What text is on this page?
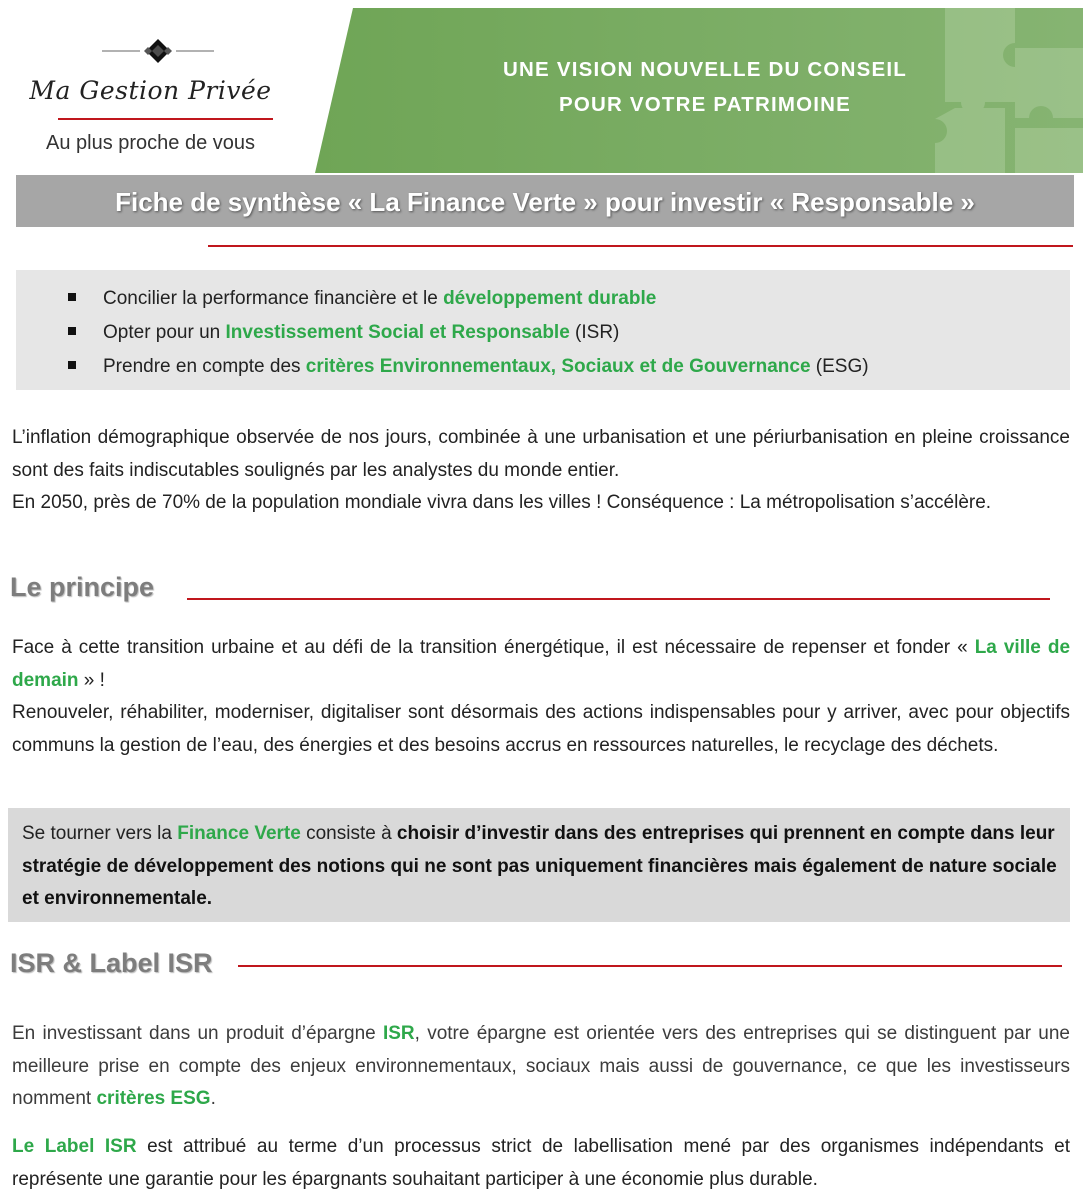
Ma Gestion Privée
Au plus proche de vous
UNE VISION NOUVELLE DU CONSEIL
POUR VOTRE PATRIMOINE
Fiche de synthèse « La Finance Verte » pour investir « Responsable »
Concilier la performance financière et le développement durable
Opter pour un Investissement Social et Responsable (ISR)
Prendre en compte des critères Environnementaux, Sociaux et de Gouvernance (ESG)
L’inflation démographique observée de nos jours, combinée à une urbanisation et une périurbanisation en pleine croissance sont des faits indiscutables soulignés par les analystes du monde entier.
En 2050, près de 70% de la population mondiale vivra dans les villes ! Conséquence : La métropolisation s’accélère.
Le principe
Face à cette transition urbaine et au défi de la transition énergétique, il est nécessaire de repenser et fonder « La ville de demain » !
Renouveler, réhabiliter, moderniser, digitaliser sont désormais des actions indispensables pour y arriver, avec pour objectifs communs la gestion de l’eau, des énergies et des besoins accrus en ressources naturelles, le recyclage des déchets.
Se tourner vers la Finance Verte consiste à choisir d’investir dans des entreprises qui prennent en compte dans leur stratégie de développement des notions qui ne sont pas uniquement financières mais également de nature sociale et environnementale.
ISR & Label ISR
En investissant dans un produit d’épargne ISR, votre épargne est orientée vers des entreprises qui se distinguent par une meilleure prise en compte des enjeux environnementaux, sociaux mais aussi de gouvernance, ce que les investisseurs nomment critères ESG.
Le Label ISR est attribué au terme d’un processus strict de labellisation mené par des organismes indépendants et représente une garantie pour les épargnants souhaitant participer à une économie plus durable.
